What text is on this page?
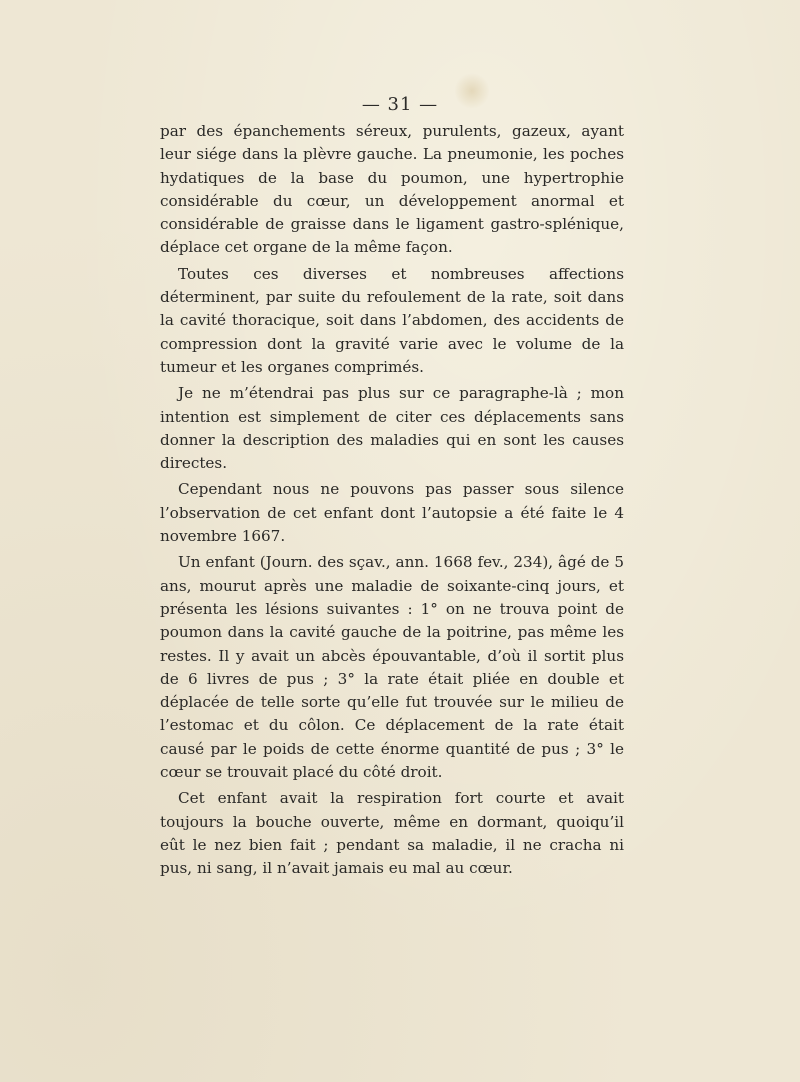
— 31 —

par des épanchements séreux, purulents, gazeux, ayant leur siége dans la plèvre gauche. La pneumonie, les poches hydatiques de la base du poumon, une hypertrophie considérable du cœur, un développement anormal et considérable de graisse dans le ligament gastro-splénique, déplace cet organe de la même façon.

Toutes ces diverses et nombreuses affections déterminent, par suite du refoulement de la rate, soit dans la cavité thoracique, soit dans l’abdomen, des accidents de compression dont la gravité varie avec le volume de la tumeur et les organes comprimés.

Je ne m’étendrai pas plus sur ce paragraphe-là ; mon intention est simplement de citer ces déplacements sans donner la description des maladies qui en sont les causes directes.

Cependant nous ne pouvons pas passer sous silence l’observation de cet enfant dont l’autopsie a été faite le 4 novembre 1667.

Un enfant (Journ. des sçav., ann. 1668 fev., 234), âgé de 5 ans, mourut après une maladie de soixante-cinq jours, et présenta les lésions suivantes : 1° on ne trouva point de poumon dans la cavité gauche de la poitrine, pas même les restes. Il y avait un abcès épouvantable, d’où il sortit plus de 6 livres de pus ; 3° la rate était pliée en double et déplacée de telle sorte qu’elle fut trouvée sur le milieu de l’estomac et du côlon. Ce déplacement de la rate était causé par le poids de cette énorme quantité de pus ; 3° le cœur se trouvait placé du côté droit.

Cet enfant avait la respiration fort courte et avait toujours la bouche ouverte, même en dormant, quoiqu’il eût le nez bien fait ; pendant sa maladie, il ne cracha ni pus, ni sang, il n’avait jamais eu mal au cœur.
